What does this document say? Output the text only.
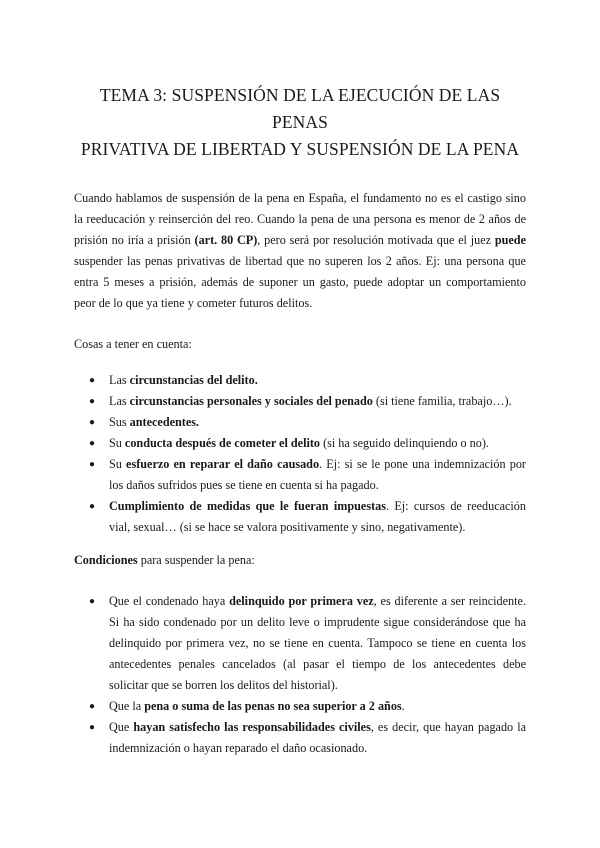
TEMA 3: SUSPENSIÓN DE LA EJECUCIÓN DE LAS PENAS
PRIVATIVA DE LIBERTAD Y SUSPENSIÓN DE LA PENA

Cuando hablamos de suspensión de la pena en España, el fundamento no es el castigo sino la reeducación y reinserción del reo. Cuando la pena de una persona es menor de 2 años de prisión no iría a prisión (art. 80 CP), pero será por resolución motivada que el juez puede suspender las penas privativas de libertad que no superen los 2 años. Ej: una persona que entra 5 meses a prisión, además de suponer un gasto, puede adoptar un comportamiento peor de lo que ya tiene y cometer futuros delitos.

Cosas a tener en cuenta:

● Las circunstancias del delito.
● Las circunstancias personales y sociales del penado (si tiene familia, trabajo…).
● Sus antecedentes.
● Su conducta después de cometer el delito (si ha seguido delinquiendo o no).
● Su esfuerzo en reparar el daño causado. Ej: si se le pone una indemnización por los daños sufridos pues se tiene en cuenta si ha pagado.
● Cumplimiento de medidas que le fueran impuestas. Ej: cursos de reeducación vial, sexual… (si se hace se valora positivamente y sino, negativamente).

Condiciones para suspender la pena:

● Que el condenado haya delinquido por primera vez, es diferente a ser reincidente. Si ha sido condenado por un delito leve o imprudente sigue considerándose que ha delinquido por primera vez, no se tiene en cuenta. Tampoco se tiene en cuenta los antecedentes penales cancelados (al pasar el tiempo de los antecedentes debe solicitar que se borren los delitos del historial).
● Que la pena o suma de las penas no sea superior a 2 años.
● Que hayan satisfecho las responsabilidades civiles, es decir, que hayan pagado la indemnización o hayan reparado el daño ocasionado.
